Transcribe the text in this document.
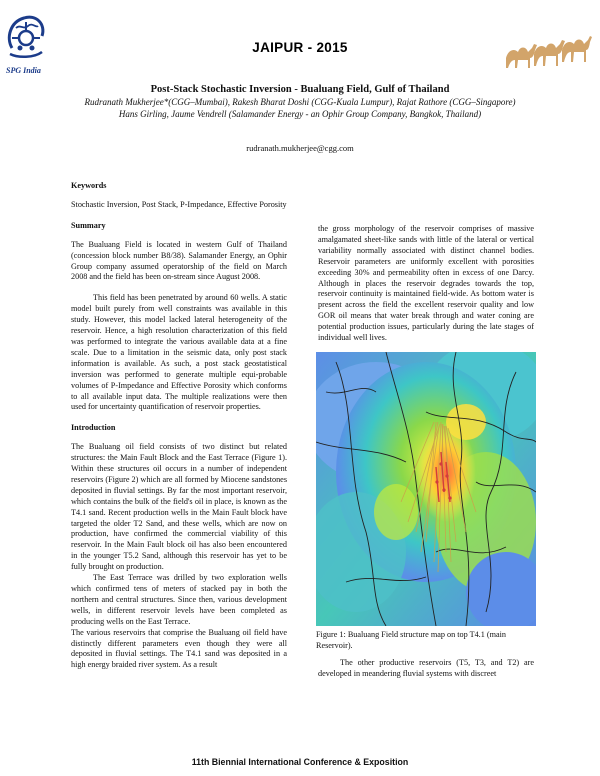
SPG India
JAIPUR - 2015
Post-Stack Stochastic Inversion - Bualuang Field, Gulf of Thailand
Rudranath Mukherjee*(CGG–Mumbai), Rakesh Bharat Doshi (CGG-Kuala Lumpur), Rajat Rathore (CGG–Singapore)
Hans Girling, Jaume Vendrell (Salamander Energy - an Ophir Group Company, Bangkok, Thailand)
rudranath.mukherjee@cgg.com
Keywords
Stochastic Inversion, Post Stack, P-Impedance, Effective Porosity
Summary
The Bualuang Field is located in western Gulf of Thailand (concession block number B8/38). Salamander Energy, an Ophir Group company assumed operatorship of the field on March 2008 and the field has been on-stream since August 2008.
This field has been penetrated by around 60 wells. A static model built purely from well constraints was available in this study. However, this model lacked lateral heterogeneity of the reservoir. Hence, a high resolution characterization of this field was performed to integrate the various available data at a fine scale. Due to a limitation in the seismic data, only post stack information is available. As such, a post stack geostatistical inversion was performed to generate multiple equi-probable volumes of P-Impedance and Effective Porosity which conforms to all available input data. The multiple realizations were then used for uncertainty quantification of reservoir properties.
Introduction
The Bualuang oil field consists of two distinct but related structures: the Main Fault Block and the East Terrace (Figure 1). Within these structures oil occurs in a number of independent reservoirs (Figure 2) which are all formed by Miocene sandstones deposited in fluvial settings. By far the most important reservoir, which contains the bulk of the field's oil in place, is known as the T4.1 sand. Recent production wells in the Main Fault block have targeted the older T2 Sand, and these wells, which are now on production, have confirmed the commercial viability of this reservoir. In the Main Fault block oil has also been encountered in the younger T5.2 Sand, although this reservoir has yet to be fully brought on production.
The East Terrace was drilled by two exploration wells which confirmed tens of meters of stacked pay in both the northern and central structures. Since then, various development wells, in different reservoir levels have been completed as producing wells on the East Terrace.
The various reservoirs that comprise the Bualuang oil field have distinctly different parameters even though they were all deposited in fluvial settings. The T4.1 sand was deposited in a high energy braided river system. As a result
the gross morphology of the reservoir comprises of massive amalgamated sheet-like sands with little of the lateral or vertical variability normally associated with distinct channel bodies. Reservoir parameters are uniformly excellent with porosities exceeding 30% and permeability often in excess of one Darcy. Although in places the reservoir degrades towards the top, reservoir continuity is maintained field-wide. As bottom water is present across the field the excellent reservoir quality and low GOR oil means that water break through and water coning are potential production issues, particularly during the late stages of individual well lives.
Figure 1: Bualuang Field structure map on top T4.1 (main Reservoir).
The other productive reservoirs (T5, T3, and T2) are developed in meandering fluvial systems with discreet
11th Biennial International Conference & Exposition
